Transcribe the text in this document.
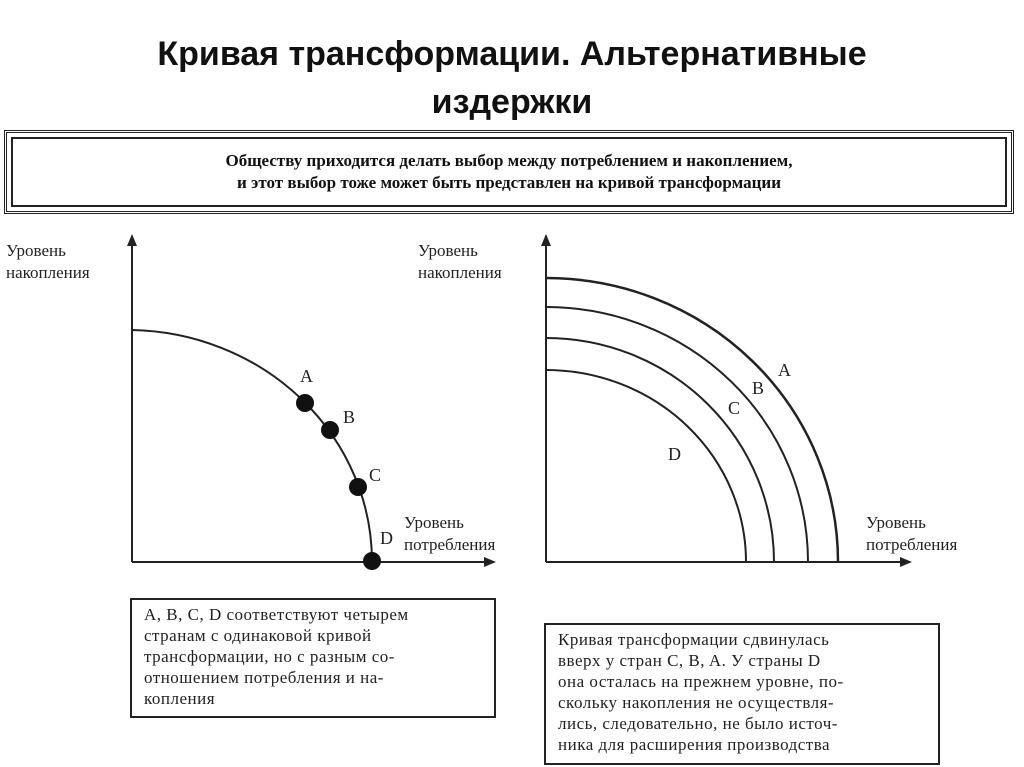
Кривая трансформации. Альтернативные
издержки
Обществу приходится делать выбор между потреблением и накоплением,
и этот выбор тоже может быть представлен на кривой трансформации
Уровень
накопления
Уровень
потребления
A
B
C
D
Уровень
накопления
Уровень
потребления
A
B
C
D
A, B, C, D соответствуют четырем
странам с одинаковой кривой
трансформации, но с разным со-
отношением потребления и на-
копления
Кривая трансформации сдвинулась
вверх у стран C, B, A. У страны D
она осталась на прежнем уровне, по-
скольку накопления не осуществля-
лись, следовательно, не было источ-
ника для расширения производства
